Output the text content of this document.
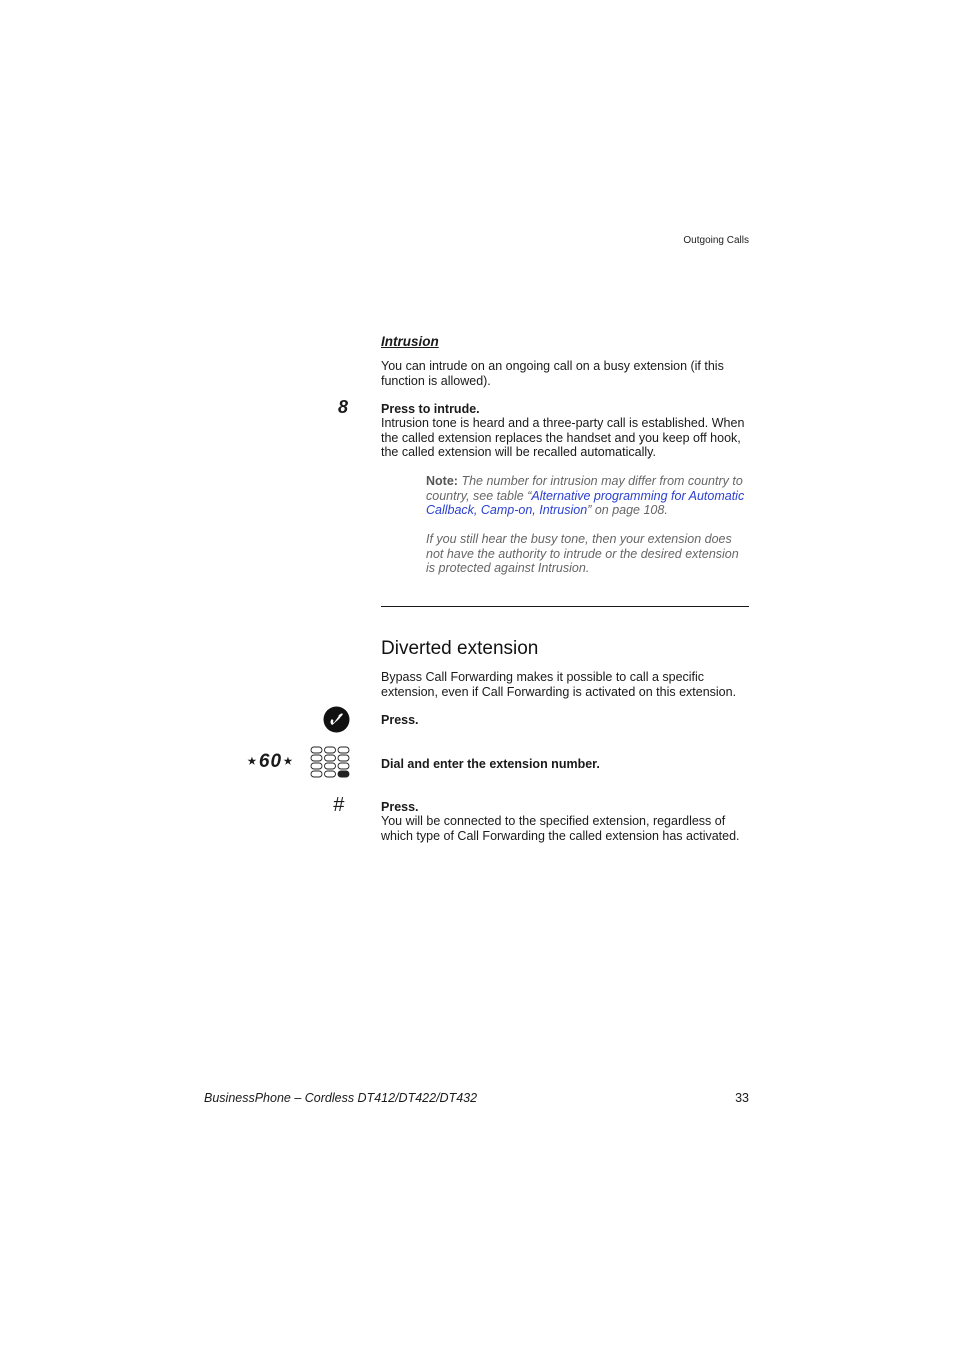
Outgoing Calls
Intrusion
You can intrude on an ongoing call on a busy extension (if this function is allowed).
8	Press to intrude.
Intrusion tone is heard and a three-party call is established. When the called extension replaces the handset and you keep off hook, the called extension will be recalled automatically.
Note: The number for intrusion may differ from country to country, see table “Alternative programming for Automatic Callback, Camp-on, Intrusion” on page 108.
If you still hear the busy tone, then your extension does not have the authority to intrude or the desired extension is protected against Intrusion.
Diverted extension
Bypass Call Forwarding makes it possible to call a specific extension, even if Call Forwarding is activated on this extension.
Press.
⋆60⋆	Dial and enter the extension number.
#	Press.
You will be connected to the specified extension, regardless of which type of Call Forwarding the called extension has activated.
BusinessPhone – Cordless DT412/DT422/DT432	33
